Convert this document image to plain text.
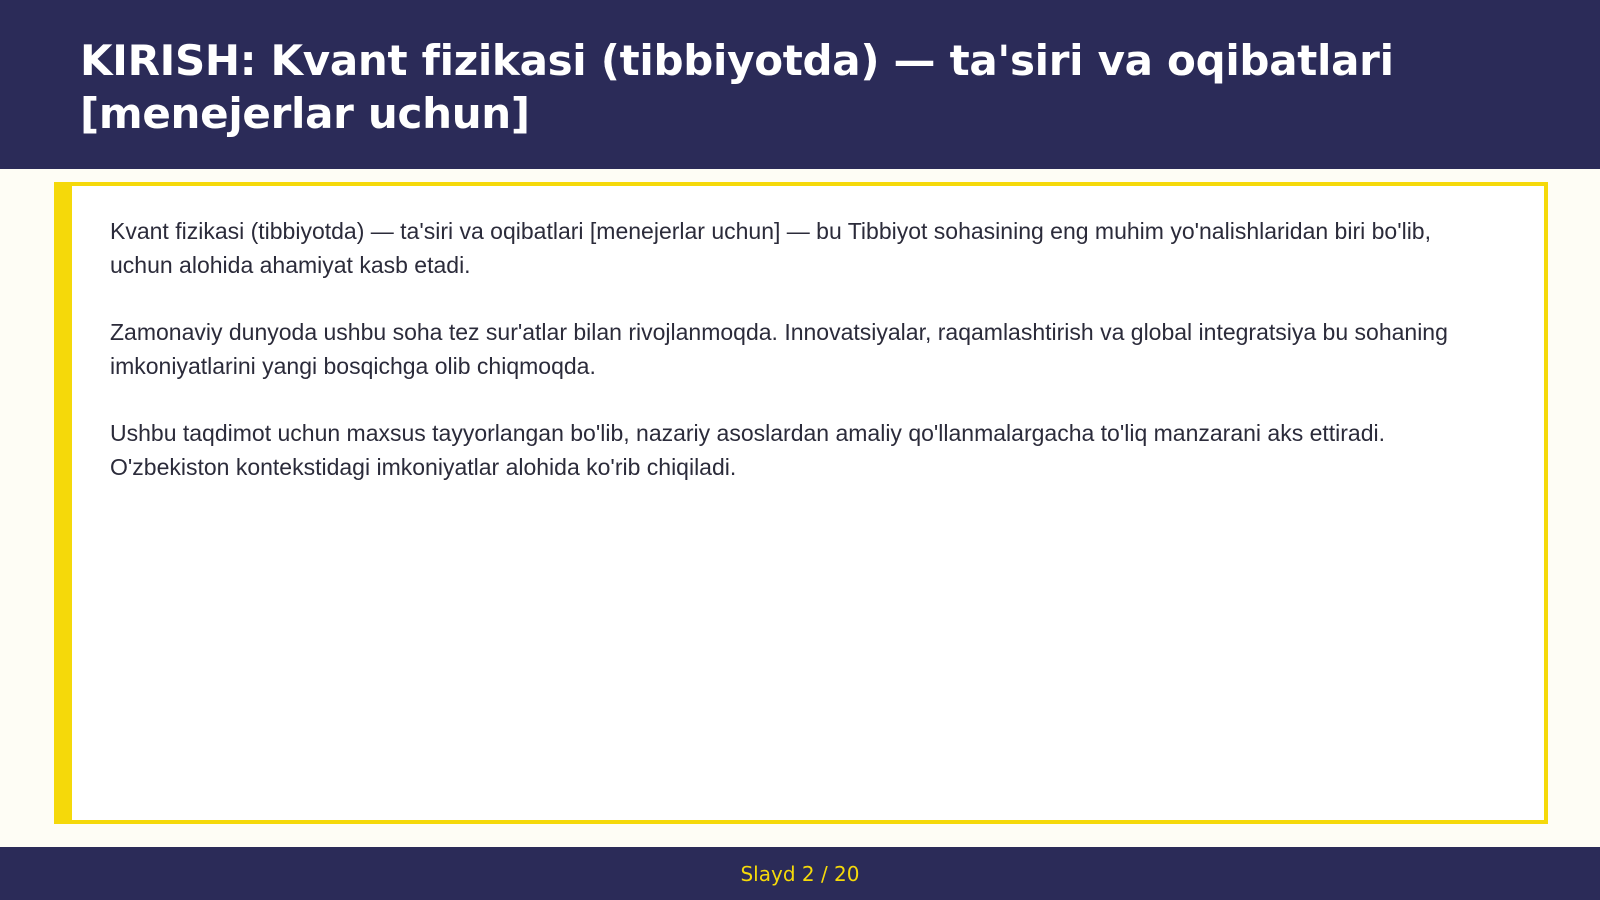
KIRISH: Kvant fizikasi (tibbiyotda) — ta'siri va oqibatlari [menejerlar uchun]

Kvant fizikasi (tibbiyotda) — ta'siri va oqibatlari [menejerlar uchun] — bu Tibbiyot sohasining eng muhim yo'nalishlaridan biri bo'lib, uchun alohida ahamiyat kasb etadi.

Zamonaviy dunyoda ushbu soha tez sur'atlar bilan rivojlanmoqda. Innovatsiyalar, raqamlashtirish va global integratsiya bu sohaning imkoniyatlarini yangi bosqichga olib chiqmoqda.

Ushbu taqdimot uchun maxsus tayyorlangan bo'lib, nazariy asoslardan amaliy qo'llanmalargacha to'liq manzarani aks ettiradi. O'zbekiston kontekstidagi imkoniyatlar alohida ko'rib chiqiladi.

Slayd 2 / 20
